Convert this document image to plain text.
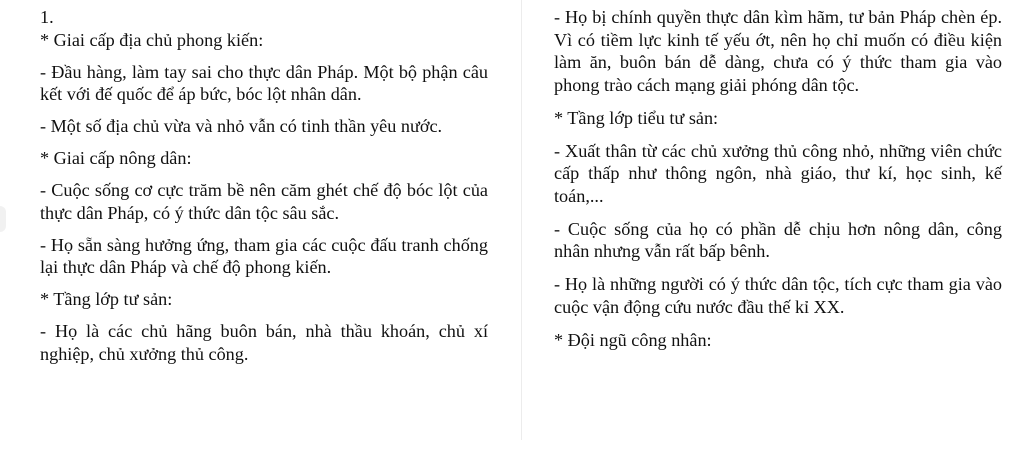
1.

* Giai cấp địa chủ phong kiến:

- Đầu hàng, làm tay sai cho thực dân Pháp. Một bộ phận câu kết với đế quốc để áp bức, bóc lột nhân dân.

- Một số địa chủ vừa và nhỏ vẫn có tinh thần yêu nước.

* Giai cấp nông dân:

- Cuộc sống cơ cực trăm bề nên căm ghét chế độ bóc lột của thực dân Pháp, có ý thức dân tộc sâu sắc.

- Họ sẵn sàng hưởng ứng, tham gia các cuộc đấu tranh chống lại thực dân Pháp và chế độ phong kiến.

* Tầng lớp tư sản:

- Họ là các chủ hãng buôn bán, nhà thầu khoán, chủ xí nghiệp, chủ xưởng thủ công.

- Họ bị chính quyền thực dân kìm hãm, tư bản Pháp chèn ép. Vì có tiềm lực kinh tế yếu ớt, nên họ chỉ muốn có điều kiện làm ăn, buôn bán dễ dàng, chưa có ý thức tham gia vào phong trào cách mạng giải phóng dân tộc.

* Tầng lớp tiểu tư sản:

- Xuất thân từ các chủ xưởng thủ công nhỏ, những viên chức cấp thấp như thông ngôn, nhà giáo, thư kí, học sinh, kế toán,...

- Cuộc sống của họ có phần dễ chịu hơn nông dân, công nhân nhưng vẫn rất bấp bênh.

- Họ là những người có ý thức dân tộc, tích cực tham gia vào cuộc vận động cứu nước đầu thế kỉ XX.

* Đội ngũ công nhân:
